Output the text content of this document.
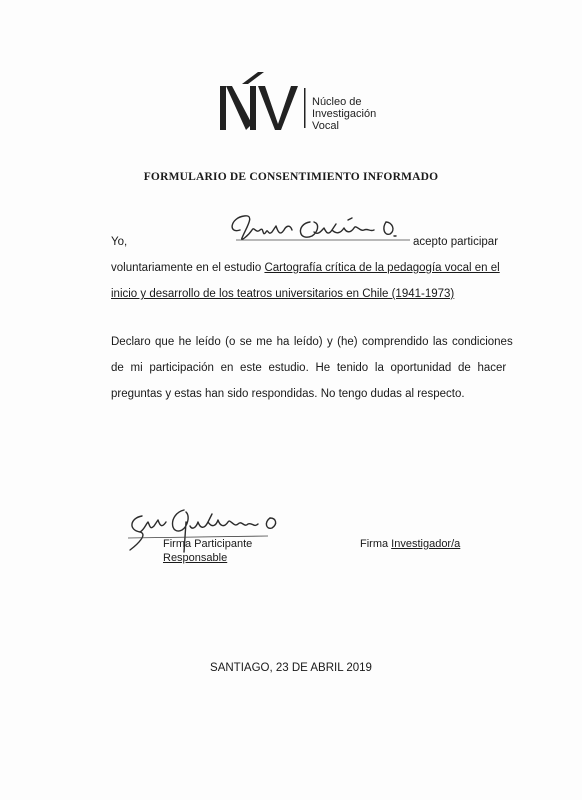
Núcleo de
Investigación
Vocal
FORMULARIO DE CONSENTIMIENTO INFORMADO
Yo,	acepto participar
voluntariamente en el estudio Cartografía crítica de la pedagogía vocal en el
inicio y desarrollo de los teatros universitarios en Chile (1941-1973)
Declaro que he leído (o se me ha leído) y (he) comprendido las condiciones
de mi participación en este estudio. He tenido la oportunidad de hacer
preguntas y estas han sido respondidas. No tengo dudas al respecto.
Firma Participante
Responsable
Firma Investigador/a
SANTIAGO, 23 DE ABRIL 2019
